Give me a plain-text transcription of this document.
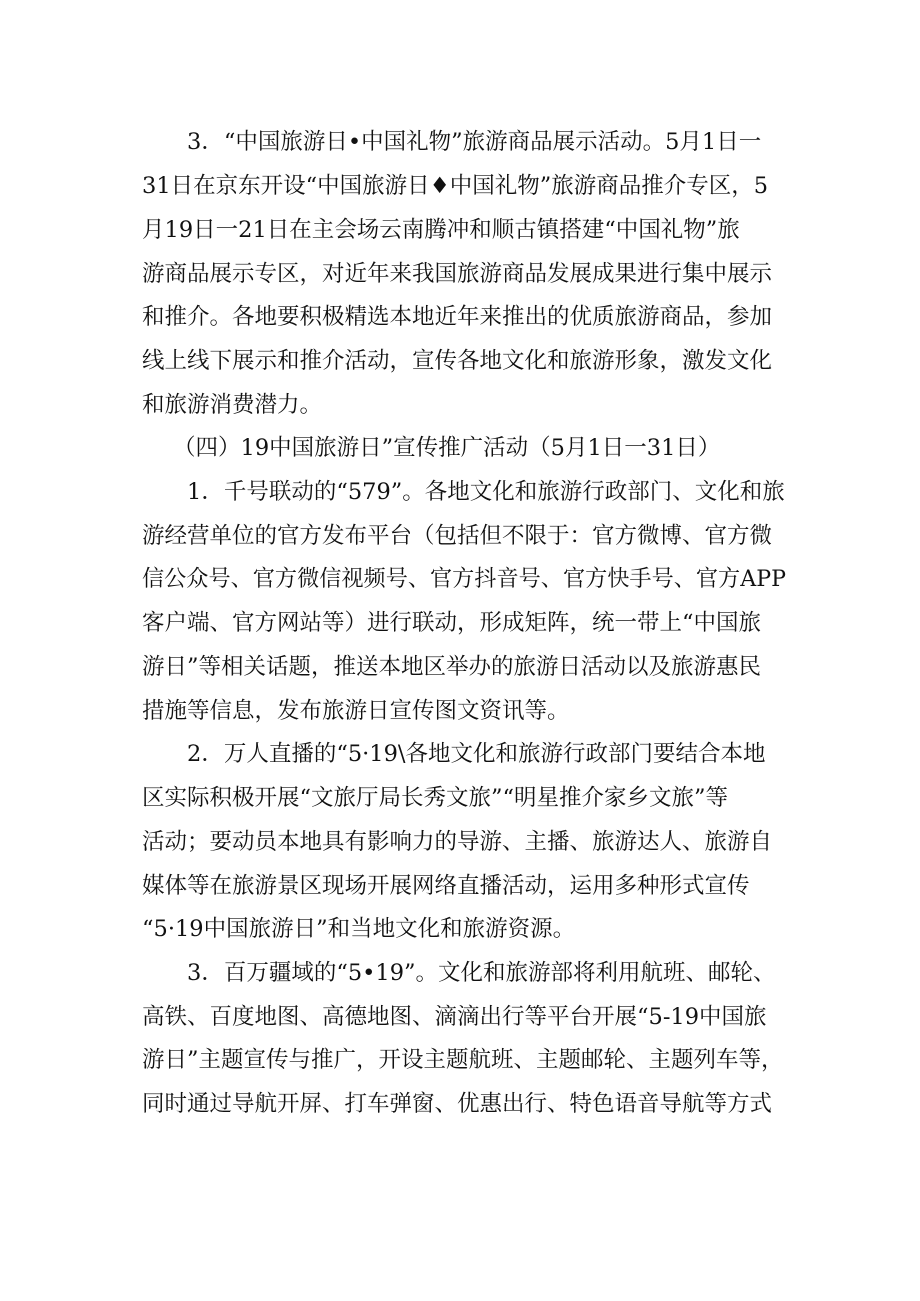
3．“中国旅游日•中国礼物”旅游商品展示活动。5月1日一
31日在京东开设“中国旅游日♦中国礼物”旅游商品推介专区，5
月19日一21日在主会场云南腾冲和顺古镇搭建“中国礼物”旅
游商品展示专区，对近年来我国旅游商品发展成果进行集中展示
和推介。各地要积极精选本地近年来推出的优质旅游商品，参加
线上线下展示和推介活动，宣传各地文化和旅游形象，激发文化
和旅游消费潜力。
（四）19中国旅游日”宣传推广活动（5月1日一31日）
1．千号联动的“579”。各地文化和旅游行政部门、文化和旅
游经营单位的官方发布平台（包括但不限于：官方微博、官方微
信公众号、官方微信视频号、官方抖音号、官方快手号、官方APP
客户端、官方网站等）进行联动，形成矩阵，统一带上“中国旅
游日”等相关话题，推送本地区举办的旅游日活动以及旅游惠民
措施等信息，发布旅游日宣传图文资讯等。
2．万人直播的“5·19\各地文化和旅游行政部门要结合本地
区实际积极开展“文旅厅局长秀文旅”“明星推介家乡文旅”等
活动；要动员本地具有影响力的导游、主播、旅游达人、旅游自
媒体等在旅游景区现场开展网络直播活动，运用多种形式宣传
“5·19中国旅游日”和当地文化和旅游资源。
3．百万疆域的“5•19”。文化和旅游部将利用航班、邮轮、
高铁、百度地图、高德地图、滴滴出行等平台开展“5-19中国旅
游日”主题宣传与推广，开设主题航班、主题邮轮、主题列车等，
同时通过导航开屏、打车弹窗、优惠出行、特色语音导航等方式
